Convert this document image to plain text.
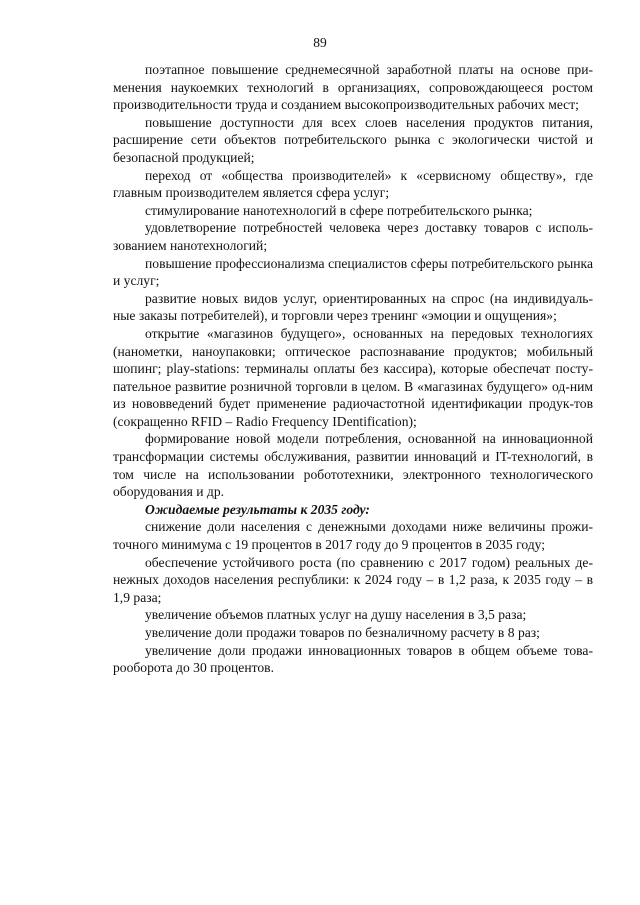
89

поэтапное повышение среднемесячной заработной платы на основе при-менения наукоемких технологий в организациях, сопровождающееся ростом производительности труда и созданием высокопроизводительных рабочих мест;

повышение доступности для всех слоев населения продуктов питания, расширение сети объектов потребительского рынка с экологически чистой и безопасной продукцией;

переход от «общества производителей» к «сервисному обществу», где главным производителем является сфера услуг;

стимулирование нанотехнологий в сфере потребительского рынка;

удовлетворение потребностей человека через доставку товаров с исполь-зованием нанотехнологий;

повышение профессионализма специалистов сферы потребительского рынка и услуг;

развитие новых видов услуг, ориентированных на спрос (на индивидуаль-ные заказы потребителей), и торговли через тренинг «эмоции и ощущения»;

открытие «магазинов будущего», основанных на передовых технологиях (нанометки, наноупаковки; оптическое распознавание продуктов; мобильный шопинг; play-stations: терминалы оплаты без кассира), которые обеспечат посту-пательное развитие розничной торговли в целом. В «магазинах будущего» од-ним из нововведений будет применение радиочастотной идентификации продук-тов (сокращенно RFID – Radio Frequency IDentification);

формирование новой модели потребления, основанной на инновационной трансформации системы обслуживания, развитии инноваций и IT-технологий, в том числе на использовании робототехники, электронного технологического оборудования и др.

Ожидаемые результаты к 2035 году:

снижение доли населения с денежными доходами ниже величины прожи-точного минимума с 19 процентов в 2017 году до 9 процентов в 2035 году;

обеспечение устойчивого роста (по сравнению с 2017 годом) реальных де-нежных доходов населения республики: к 2024 году – в 1,2 раза, к 2035 году – в 1,9 раза;

увеличение объемов платных услуг на душу населения в 3,5 раза;

увеличение доли продажи товаров по безналичному расчету в 8 раз;

увеличение доли продажи инновационных товаров в общем объеме това-рооборота до 30 процентов.
